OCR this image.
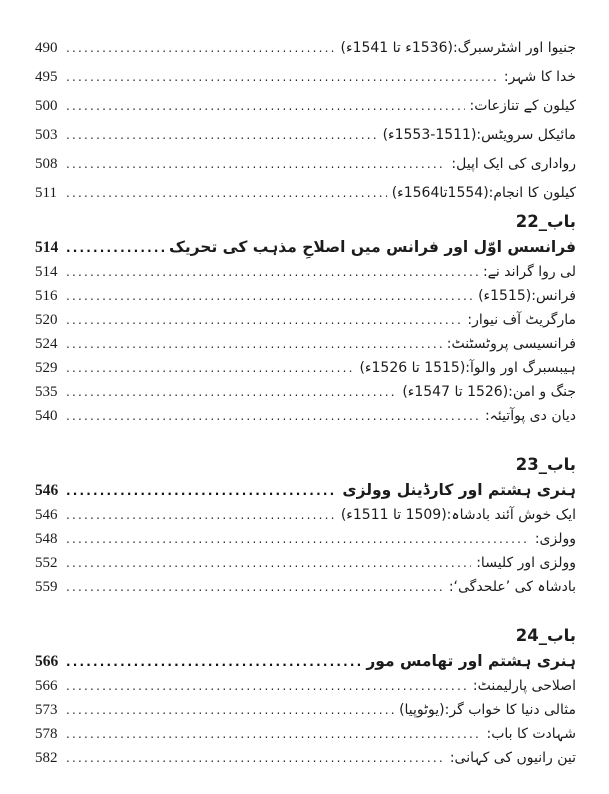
جنیوا اور اشٹرسبرگ:(1536ء تا 1541ء)
.....
490
خدا کا شہر:
.....
495
کیلون کے تنازعات:
.....
500
مائیکل سرویٹس:(1511-1553ء)
.....
503
رواداری کی ایک اپیل:
.....
508
کیلون کا انجام:(1554تا1564ء)
.....
511
باب_22
فرانسس اوّل اور فرانس میں اصلاحِ مذہب کی تحریک
.....
514
لی روا گراند نے:
.....
514
فرانس:(1515ء)
.....
516
مارگریٹ آف نیوار:
.....
520
فرانسیسی پروٹسٹنٹ:
.....
524
ہیبسبرگ اور والوآ:(1515 تا 1526ء)
.....
529
جنگ و امن:(1526 تا 1547ء)
.....
535
دیان دی پوآتیئہ:
.....
540
باب_23
ہنری ہشتم اور کارڈینل وولزی
.....
546
ایک خوش آئند بادشاہ:(1509 تا 1511ء)
.....
546
وولزی:
.....
548
وولزی اور کلیسا:
.....
552
بادشاہ کی ’علحدگی‘:
.....
559
باب_24
ہنری ہشتم اور تھامس مور
.....
566
اصلاحی پارلیمنٹ:
.....
566
مثالی دنیا کا خواب گر:(یوٹوپیا)
.....
573
شہادت کا باب:
.....
578
تین رانیوں کی کہانی:
.....
582
